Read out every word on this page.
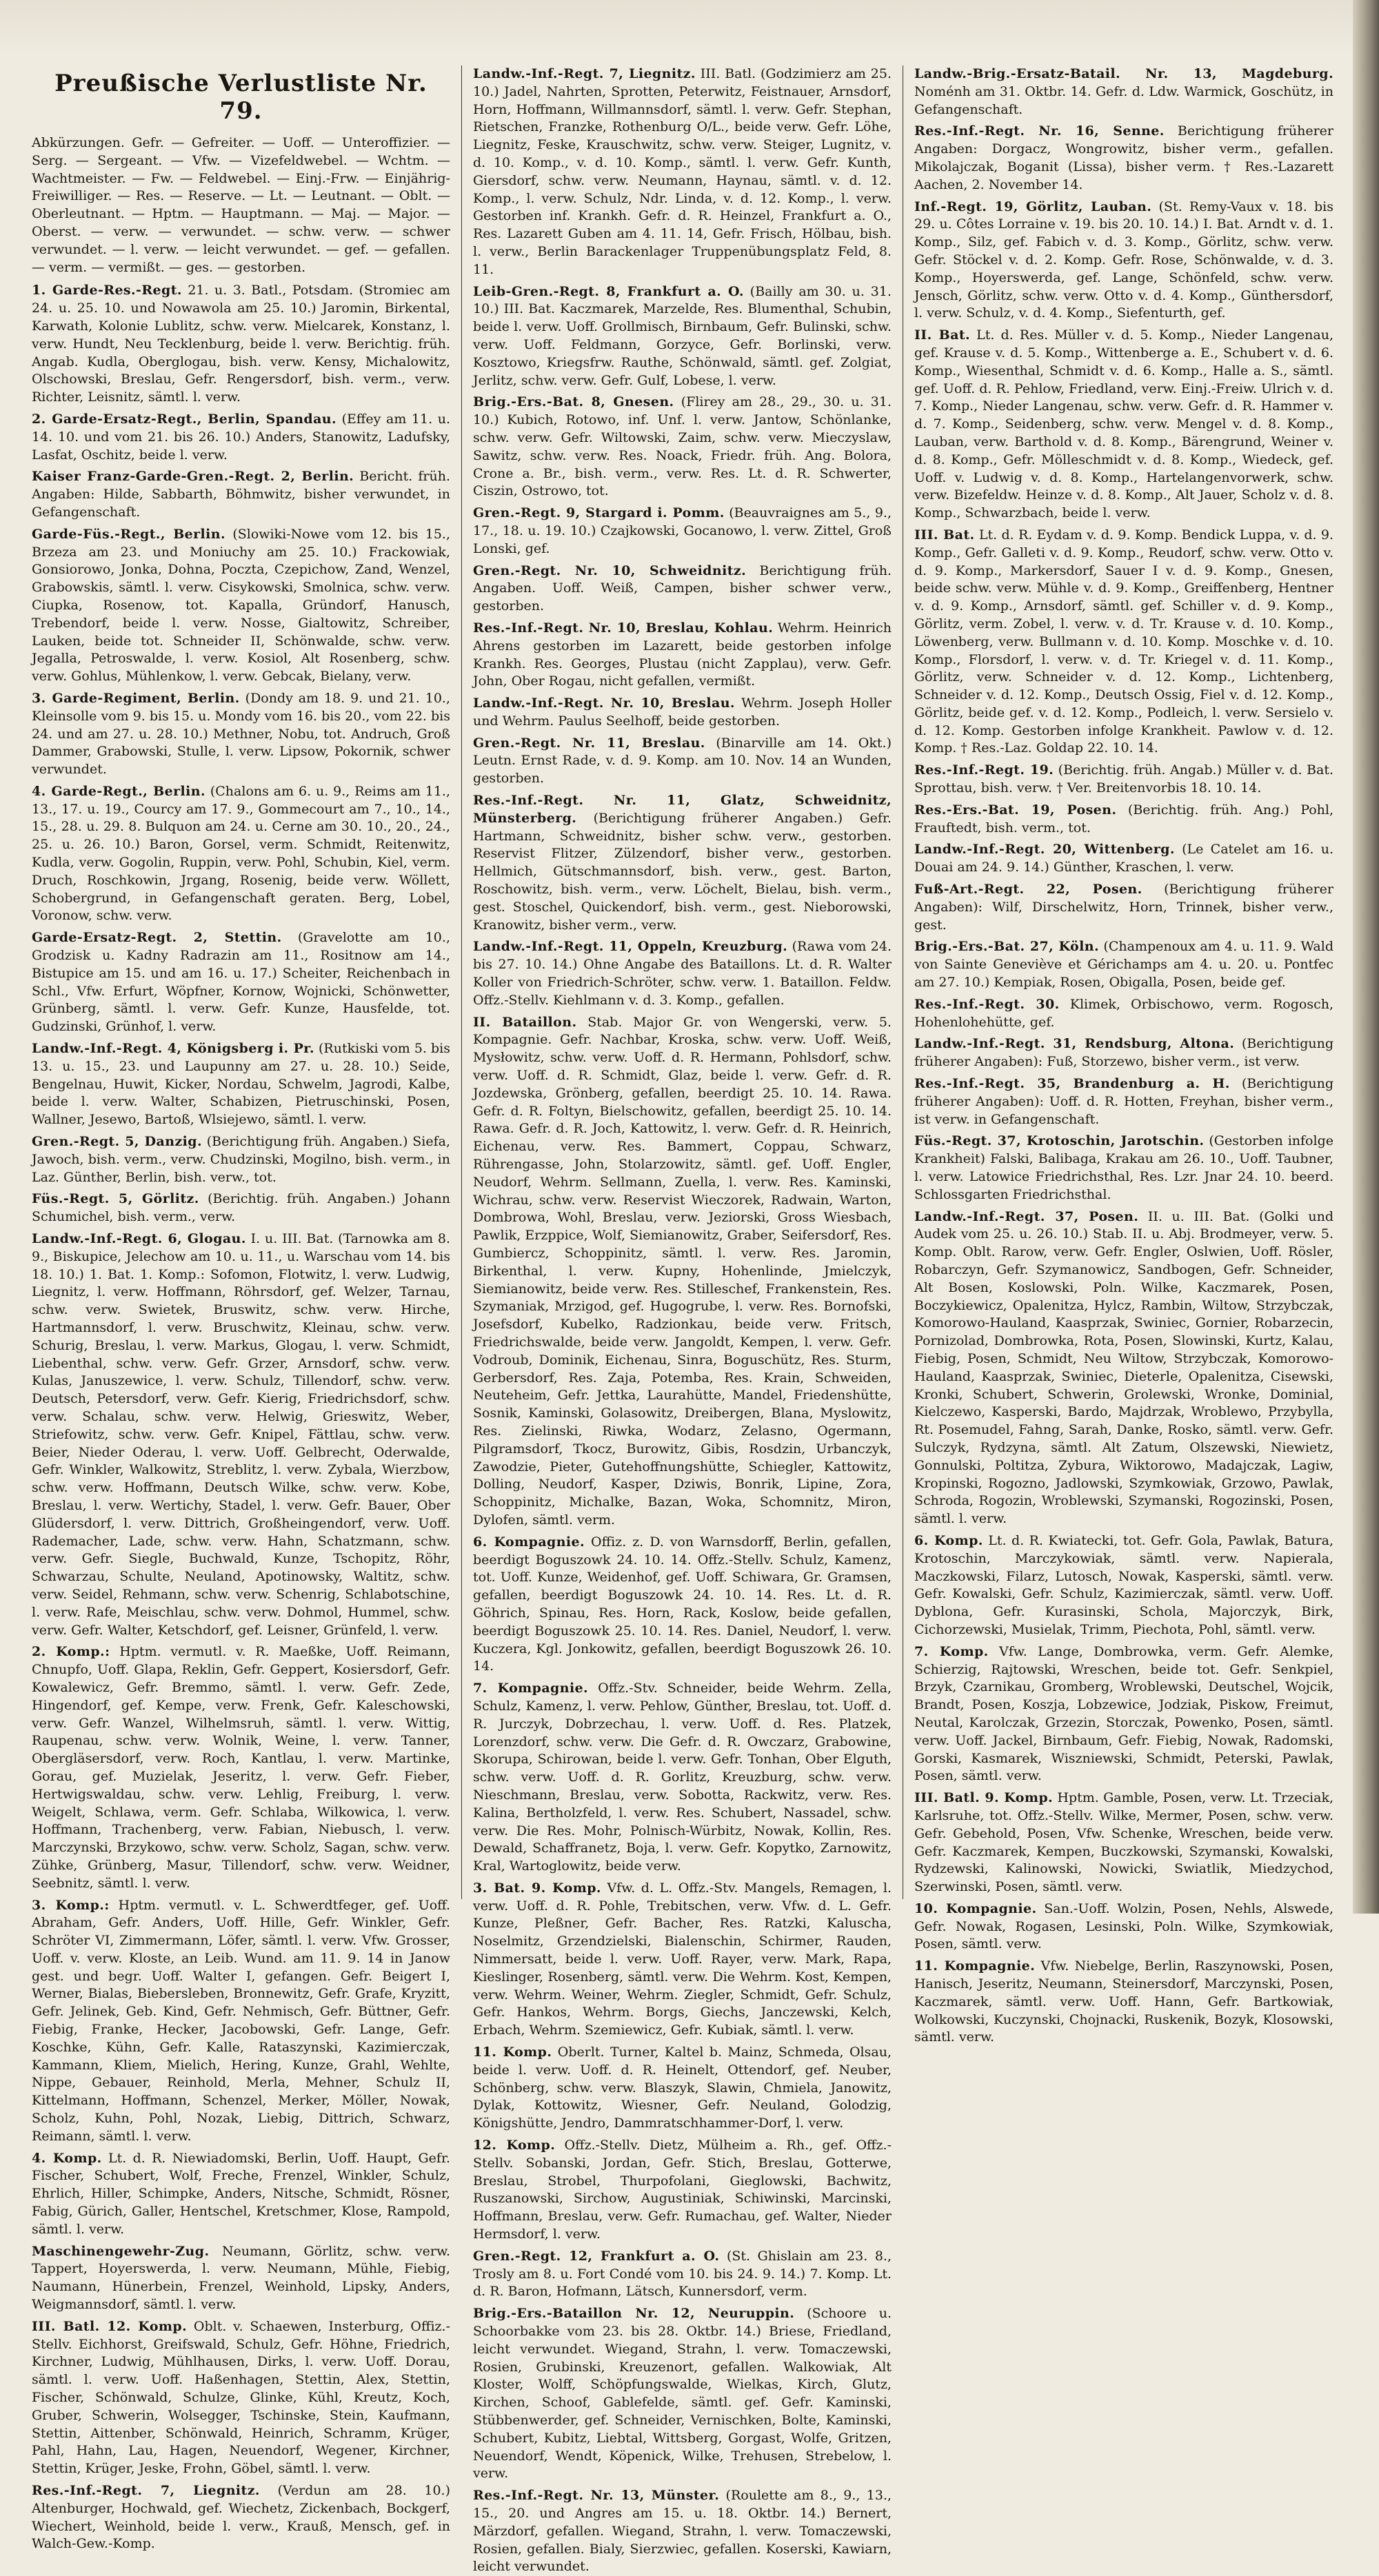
Preußische Verlustliste Nr. 79.
Abkürzungen. Gefr. — Gefreiter. — Uoff. — Unteroffizier. — Serg. — Sergeant. — Vfw. — Vizefeldwebel. — Wchtm. — Wachtmeister. — Fw. — Feldwebel. — Einj.-Frw. — Einjährig-Freiwilliger. — Res. — Reserve. — Lt. — Leutnant. — Oblt. — Oberleutnant. — Hptm. — Hauptmann. — Maj. — Major. — Oberst. — verw. — verwundet. — schw. verw. — schwer verwundet. — l. verw. — leicht verwundet. — gef. — gefallen. — verm. — vermißt. — ges. — gestorben.

1. Garde-Res.-Regt. 21. u. 3. Batl., Potsdam. (Stromiec am 24. u. 25. 10. und Nowawola am 25. 10.) Jaromin, Birkental, Karwath, Kolonie Lublitz, schw. verw. Mielcarek, Konstanz, l. verw. Hundt, Neu Tecklenburg, beide l. verw. Berichtig. früh. Angab. Kudla, Oberglogau, bish. verw. Kensy, Michalowitz, Olschowski, Breslau, Gefr. Rengersdorf, bish. verm., verw. Richter, Leisnitz, sämtl. l. verw.

2. Garde-Ersatz-Regt., Berlin, Spandau. (Effey am 11. u. 14. 10. und vom 21. bis 26. 10.) Anders, Stanowitz, Ladufsky, Lasfat, Oschitz, beide l. verw.

Kaiser Franz-Garde-Gren.-Regt. 2, Berlin. Bericht. früh. Angaben: Hilde, Sabbarth, Böhmwitz, bisher verwundet, in Gefangenschaft.

Garde-Füs.-Regt., Berlin. (Slowiki-Nowe vom 12. bis 15., Brzeza am 23. und Moniuchy am 25. 10.) Frackowiak, Gonsiorowo, Jonka, Dohna, Poczta, Czepichow, Zand, Wenzel, Grabowskis, sämtl. l. verw. Cisykowski, Smolnica, schw. verw. Ciupka, Rosenow, tot. Kapalla, Gründorf, Hanusch, Trebendorf, beide l. verw. Nosse, Gialtowitz, Schreiber, Lauken, beide tot. Schneider II, Schönwalde, schw. verw. Jegalla, Petroswalde, l. verw. Kosiol, Alt Rosenberg, schw. verw. Gohlus, Mühlenkow, l. verw. Gebcak, Bielany, verw.

3. Garde-Regiment, Berlin. (Dondy am 18. 9. und 21. 10., Kleinsolle vom 9. bis 15. u. Mondy vom 16. bis 20., vom 22. bis 24. und am 27. u. 28. 10.) Methner, Nobu, tot. Andruch, Groß Dammer, Grabowski, Stulle, l. verw. Lipsow, Pokornik, schwer verwundet.

4. Garde-Regt., Berlin. (Chalons am 6. u. 9., Reims am 11., 13., 17. u. 19., Courcy am 17. 9., Gommecourt am 7., 10., 14., 15., 28. u. 29. 8. Bulquon am 24. u. Cerne am 30. 10., 20., 24., 25. u. 26. 10.) Baron, Gorsel, verm. Schmidt, Reitenwitz, Kudla, verw. Gogolin, Ruppin, verw. Pohl, Schubin, Kiel, verm. Druch, Roschkowin, Jrgang, Rosenig, beide verw. Wöllett, Schobergrund, in Gefangenschaft geraten. Berg, Lobel, Voronow, schw. verw.

Garde-Ersatz-Regt. 2, Stettin. (Gravelotte am 10., Grodzisk u. Kadny Radrazin am 11., Rositnow am 14., Bistupice am 15. und am 16. u. 17.) Scheiter, Reichenbach in Schl., Vfw. Erfurt, Wöpfner, Kornow, Wojnicki, Schönwetter, Grünberg, sämtl. l. verw. Gefr. Kunze, Hausfelde, tot. Gudzinski, Grünhof, l. verw.

Landw.-Inf.-Regt. 4, Königsberg i. Pr. (Rutkiski vom 5. bis 13. u. 15., 23. und Laupunny am 27. u. 28. 10.) Seide, Bengelnau, Huwit, Kicker, Nordau, Schwelm, Jagrodi, Kalbe, beide l. verw. Walter, Schabizen, Pietruschinski, Posen, Wallner, Jesewo, Bartoß, Wlsiejewo, sämtl. l. verw.

Gren.-Regt. 5, Danzig. (Berichtigung früh. Angaben.) Siefa, Jawoch, bish. verm., verw. Chudzinski, Mogilno, bish. verm., in Laz. Günther, Berlin, bish. verw., tot.

Füs.-Regt. 5, Görlitz. (Berichtig. früh. Angaben.) Johann Schumichel, bish. verm., verw.

Landw.-Inf.-Regt. 6, Glogau. I. u. III. Bat. (Tarnowka am 8. 9., Biskupice, Jelechow am 10. u. 11., u. Warschau vom 14. bis 18. 10.) 1. Bat. 1. Komp.: Sofomon, Flotwitz, l. verw. Ludwig, Liegnitz, l. verw. Hoffmann, Röhrsdorf, gef. Welzer, Tarnau, schw. verw. Swietek, Bruswitz, schw. verw. Hirche, Hartmannsdorf, l. verw. Bruschwitz, Kleinau, schw. verw. Schurig, Breslau, l. verw. Markus, Glogau, l. verw. Schmidt, Liebenthal, schw. verw. Gefr. Grzer, Arnsdorf, schw. verw. Kulas, Januszewice, l. verw. Schulz, Tillendorf, schw. verw. Deutsch, Petersdorf, verw. Gefr. Kierig, Friedrichsdorf, schw. verw. Schalau, schw. verw. Helwig, Grieswitz, Weber, Striefowitz, schw. verw. Gefr. Knipel, Fättlau, schw. verw. Beier, Nieder Oderau, l. verw. Uoff. Gelbrecht, Oderwalde, Gefr. Winkler, Walkowitz, Streblitz, l. verw. Zybala, Wierzbow, schw. verw. Hoffmann, Deutsch Wilke, schw. verw. Kobe, Breslau, l. verw. Wertichy, Stadel, l. verw. Gefr. Bauer, Ober Glüdersdorf, l. verw. Dittrich, Großheingendorf, verw. Uoff. Rademacher, Lade, schw. verw. Hahn, Schatzmann, schw. verw. Gefr. Siegle, Buchwald, Kunze, Tschopitz, Röhr, Schwarzau, Schulte, Neuland, Apotinowsky, Waltitz, schw. verw. Seidel, Rehmann, schw. verw. Schenrig, Schlabotschine, l. verw. Rafe, Meischlau, schw. verw. Dohmol, Hummel, schw. verw. Gefr. Walter, Ketschdorf, gef. Leisner, Grünfeld, l. verw.

2. Komp.: Hptm. vermutl. v. R. Maeßke, Uoff. Reimann, Chnupfo, Uoff. Glapa, Reklin, Gefr. Geppert, Kosiersdorf, Gefr. Kowalewicz, Gefr. Bremmo, sämtl. l. verw. Gefr. Zede, Hingendorf, gef. Kempe, verw. Frenk, Gefr. Kaleschowski, verw. Gefr. Wanzel, Wilhelmsruh, sämtl. l. verw. Wittig, Raupenau, schw. verw. Wolnik, Weine, l. verw. Tanner, Obergläsersdorf, verw. Roch, Kantlau, l. verw. Martinke, Gorau, gef. Muzielak, Jeseritz, l. verw. Gefr. Fieber, Hertwigswaldau, schw. verw. Lehlig, Freiburg, l. verw. Weigelt, Schlawa, verm. Gefr. Schlaba, Wilkowica, l. verw. Hoffmann, Trachenberg, verw. Fabian, Niebusch, l. verw. Marczynski, Brzykowo, schw. verw. Scholz, Sagan, schw. verw. Zühke, Grünberg, Masur, Tillendorf, schw. verw. Weidner, Seebnitz, sämtl. l. verw.

3. Komp.: Hptm. vermutl. v. L. Schwerdtfeger, gef. Uoff. Abraham, Gefr. Anders, Uoff. Hille, Gefr. Winkler, Gefr. Schröter VI, Zimmermann, Löfer, sämtl. l. verw. Vfw. Grosser, Uoff. v. verw. Kloste, an Leib. Wund. am 11. 9. 14 in Janow gest. und begr. Uoff. Walter I, gefangen. Gefr. Beigert I, Werner, Bialas, Biebersleben, Bronnewitz, Gefr. Grafe, Kryzitt, Gefr. Jelinek, Geb. Kind, Gefr. Nehmisch, Gefr. Büttner, Gefr. Fiebig, Franke, Hecker, Jacobowski, Gefr. Lange, Gefr. Koschke, Kühn, Gefr. Kalle, Rataszynski, Kazimierczak, Kammann, Kliem, Mielich, Hering, Kunze, Grahl, Wehlte, Nippe, Gebauer, Reinhold, Merla, Mehner, Schulz II, Kittelmann, Hoffmann, Schenzel, Merker, Möller, Nowak, Scholz, Kuhn, Pohl, Nozak, Liebig, Dittrich, Schwarz, Reimann, sämtl. l. verw.

4. Komp. Lt. d. R. Niewiadomski, Berlin, Uoff. Haupt, Gefr. Fischer, Schubert, Wolf, Freche, Frenzel, Winkler, Schulz, Ehrlich, Hiller, Schimpke, Anders, Nitsche, Schmidt, Rösner, Fabig, Gürich, Galler, Hentschel, Kretschmer, Klose, Rampold, sämtl. l. verw.

Maschinengewehr-Zug. Neumann, Görlitz, schw. verw. Tappert, Hoyerswerda, l. verw. Neumann, Mühle, Fiebig, Naumann, Hünerbein, Frenzel, Weinhold, Lipsky, Anders, Weigmannsdorf, sämtl. l. verw.

III. Batl. 12. Komp. Oblt. v. Schaewen, Insterburg, Offiz.-Stellv. Eichhorst, Greifswald, Schulz, Gefr. Höhne, Friedrich, Kirchner, Ludwig, Mühlhausen, Dirks, l. verw. Uoff. Dorau, sämtl. l. verw. Uoff. Haßenhagen, Stettin, Alex, Stettin, Fischer, Schönwald, Schulze, Glinke, Kühl, Kreutz, Koch, Gruber, Schwerin, Wolsegger, Tschinske, Stein, Kaufmann, Stettin, Aittenber, Schönwald, Heinrich, Schramm, Krüger, Pahl, Hahn, Lau, Hagen, Neuendorf, Wegener, Kirchner, Stettin, Krüger, Jeske, Frohn, Göbel, sämtl. l. verw.

Res.-Inf.-Regt. 7, Liegnitz. (Verdun am 28. 10.) Altenburger, Hochwald, gef. Wiechetz, Zickenbach, Bockgerf, Wiechert, Weinhold, beide l. verw., Krauß, Mensch, gef. in Walch-Gew.-Komp.

Landw.-Inf.-Regt. 7, Liegnitz. III. Batl. (Godzimierz am 25. 10.) Jadel, Nahrten, Sprotten, Peterwitz, Feistnauer, Arnsdorf, Horn, Hoffmann, Willmannsdorf, sämtl. l. verw. Gefr. Stephan, Rietschen, Franzke, Rothenburg O/L., beide verw. Gefr. Löhe, Liegnitz, Feske, Krauschwitz, schw. verw. Steiger, Lugnitz, v. d. 10. Komp., v. d. 10. Komp., sämtl. l. verw. Gefr. Kunth, Giersdorf, schw. verw. Neumann, Haynau, sämtl. v. d. 12. Komp., l. verw. Schulz, Ndr. Linda, v. d. 12. Komp., l. verw. Gestorben inf. Krankh. Gefr. d. R. Heinzel, Frankfurt a. O., Res. Lazarett Guben am 4. 11. 14, Gefr. Frisch, Hölbau, bish. l. verw., Berlin Barackenlager Truppenübungsplatz Feld, 8. 11.

Leib-Gren.-Regt. 8, Frankfurt a. O. (Bailly am 30. u. 31. 10.) III. Bat. Kaczmarek, Marzelde, Res. Blumenthal, Schubin, beide l. verw. Uoff. Grollmisch, Birnbaum, Gefr. Bulinski, schw. verw. Uoff. Feldmann, Gorzyce, Gefr. Borlinski, verw. Kosztowo, Kriegsfrw. Rauthe, Schönwald, sämtl. gef. Zolgiat, Jerlitz, schw. verw. Gefr. Gulf, Lobese, l. verw.

Brig.-Ers.-Bat. 8, Gnesen. (Flirey am 28., 29., 30. u. 31. 10.) Kubich, Rotowo, inf. Unf. l. verw. Jantow, Schönlanke, schw. verw. Gefr. Wiltowski, Zaim, schw. verw. Mieczyslaw, Sawitz, schw. verw. Res. Noack, Friedr. früh. Ang. Bolora, Crone a. Br., bish. verm., verw. Res. Lt. d. R. Schwerter, Ciszin, Ostrowo, tot.

Gren.-Regt. 9, Stargard i. Pomm. (Beauvraignes am 5., 9., 17., 18. u. 19. 10.) Czajkowski, Gocanowo, l. verw. Zittel, Groß Lonski, gef.

Gren.-Regt. Nr. 10, Schweidnitz. Berichtigung früh. Angaben. Uoff. Weiß, Campen, bisher schwer verw., gestorben.

Res.-Inf.-Regt. Nr. 10, Breslau, Kohlau. Wehrm. Heinrich Ahrens gestorben im Lazarett, beide gestorben infolge Krankh. Res. Georges, Plustau (nicht Zapplau), verw. Gefr. John, Ober Rogau, nicht gefallen, vermißt.

Landw.-Inf.-Regt. Nr. 10, Breslau. Wehrm. Joseph Holler und Wehrm. Paulus Seelhoff, beide gestorben.

Gren.-Regt. Nr. 11, Breslau. (Binarville am 14. Okt.) Leutn. Ernst Rade, v. d. 9. Komp. am 10. Nov. 14 an Wunden, gestorben.

Res.-Inf.-Regt. Nr. 11, Glatz, Schweidnitz, Münsterberg. (Berichtigung früherer Angaben.) Gefr. Hartmann, Schweidnitz, bisher schw. verw., gestorben. Reservist Flitzer, Zülzendorf, bisher verw., gestorben. Hellmich, Gütschmannsdorf, bish. verw., gest. Barton, Roschowitz, bish. verm., verw. Löchelt, Bielau, bish. verm., gest. Stoschel, Quickendorf, bish. verm., gest. Nieborowski, Kranowitz, bisher verm., verw.

Landw.-Inf.-Regt. 11, Oppeln, Kreuzburg. (Rawa vom 24. bis 27. 10. 14.) Ohne Angabe des Bataillons. Lt. d. R. Walter Koller von Friedrich-Schröter, schw. verw. 1. Bataillon. Feldw. Offz.-Stellv. Kiehlmann v. d. 3. Komp., gefallen.

II. Bataillon. Stab. Major Gr. von Wengerski, verw. 5. Kompagnie. Gefr. Nachbar, Kroska, schw. verw. Uoff. Weiß, Mysłowitz, schw. verw. Uoff. d. R. Hermann, Pohlsdorf, schw. verw. Uoff. d. R. Schmidt, Glaz, beide l. verw. Gefr. d. R. Jozdewska, Grönberg, gefallen, beerdigt 25. 10. 14. Rawa. Gefr. d. R. Foltyn, Bielschowitz, gefallen, beerdigt 25. 10. 14. Rawa. Gefr. d. R. Joch, Kattowitz, l. verw. Gefr. d. R. Heinrich, Eichenau, verw. Res. Bammert, Coppau, Schwarz, Rührengasse, John, Stolarzowitz, sämtl. gef. Uoff. Engler, Neudorf, Wehrm. Sellmann, Zuella, l. verw. Res. Kaminski, Wichrau, schw. verw. Reservist Wieczorek, Radwain, Warton, Dombrowa, Wohl, Breslau, verw. Jeziorski, Gross Wiesbach, Pawlik, Erzppice, Wolf, Siemianowitz, Graber, Seifersdorf, Res. Gumbiercz, Schoppinitz, sämtl. l. verw. Res. Jaromin, Birkenthal, l. verw. Kupny, Hohenlinde, Jmielczyk, Siemianowitz, beide verw. Res. Stilleschef, Frankenstein, Res. Szymaniak, Mrzigod, gef. Hugogrube, l. verw. Res. Bornofski, Josefsdorf, Kubelko, Radzionkau, beide verw. Fritsch, Friedrichswalde, beide verw. Jangoldt, Kempen, l. verw. Gefr. Vodroub, Dominik, Eichenau, Sinra, Boguschütz, Res. Sturm, Gerbersdorf, Res. Zaja, Potemba, Res. Krain, Schweiden, Neuteheim, Gefr. Jettka, Laurahütte, Mandel, Friedenshütte, Sosnik, Kaminski, Golasowitz, Dreibergen, Blana, Myslowitz, Res. Zielinski, Riwka, Wodarz, Zelasno, Ogermann, Pilgramsdorf, Tkocz, Burowitz, Gibis, Rosdzin, Urbanczyk, Zawodzie, Pieter, Gutehoffnungshütte, Schiegler, Kattowitz, Dolling, Neudorf, Kasper, Dziwis, Bonrik, Lipine, Zora, Schoppinitz, Michalke, Bazan, Woka, Schomnitz, Miron, Dylofen, sämtl. verm.

6. Kompagnie. Offiz. z. D. von Warnsdorff, Berlin, gefallen, beerdigt Boguszowk 24. 10. 14. Offz.-Stellv. Schulz, Kamenz, tot. Uoff. Kunze, Weidenhof, gef. Uoff. Schiwara, Gr. Gramsen, gefallen, beerdigt Boguszowk 24. 10. 14. Res. Lt. d. R. Göhrich, Spinau, Res. Horn, Rack, Koslow, beide gefallen, beerdigt Boguszowk 25. 10. 14. Res. Daniel, Neudorf, l. verw. Kuczera, Kgl. Jonkowitz, gefallen, beerdigt Boguszowk 26. 10. 14.

7. Kompagnie. Offz.-Stv. Schneider, beide Wehrm. Zella, Schulz, Kamenz, l. verw. Pehlow, Günther, Breslau, tot. Uoff. d. R. Jurczyk, Dobrzechau, l. verw. Uoff. d. Res. Platzek, Lorenzdorf, schw. verw. Die Gefr. d. R. Owczarz, Grabowine, Skorupa, Schirowan, beide l. verw. Gefr. Tonhan, Ober Elguth, schw. verw. Uoff. d. R. Gorlitz, Kreuzburg, schw. verw. Nieschmann, Breslau, verw. Sobotta, Rackwitz, verw. Res. Kalina, Bertholzfeld, l. verw. Res. Schubert, Nassadel, schw. verw. Die Res. Mohr, Polnisch-Würbitz, Nowak, Kollin, Res. Dewald, Schaffranetz, Boja, l. verw. Gefr. Kopytko, Zarnowitz, Kral, Wartoglowitz, beide verw.

3. Bat. 9. Komp. Vfw. d. L. Offz.-Stv. Mangels, Remagen, l. verw. Uoff. d. R. Pohle, Trebitschen, verw. Vfw. d. L. Gefr. Kunze, Pleßner, Gefr. Bacher, Res. Ratzki, Kaluscha, Noselmitz, Grzendzielski, Bialenschin, Schirmer, Rauden, Nimmersatt, beide l. verw. Uoff. Rayer, verw. Mark, Rapa, Kieslinger, Rosenberg, sämtl. verw. Die Wehrm. Kost, Kempen, verw. Wehrm. Weiner, Wehrm. Ziegler, Schmidt, Gefr. Schulz, Gefr. Hankos, Wehrm. Borgs, Giechs, Janczewski, Kelch, Erbach, Wehrm. Szemiewicz, Gefr. Kubiak, sämtl. l. verw.

11. Komp. Oberlt. Turner, Kaltel b. Mainz, Schmeda, Olsau, beide l. verw. Uoff. d. R. Heinelt, Ottendorf, gef. Neuber, Schönberg, schw. verw. Blaszyk, Slawin, Chmiela, Janowitz, Dylak, Kottowitz, Wiesner, Gefr. Neuland, Golodzig, Königshütte, Jendro, Dammratschhammer-Dorf, l. verw.

12. Komp. Offz.-Stellv. Dietz, Mülheim a. Rh., gef. Offz.-Stellv. Sobanski, Jordan, Gefr. Stich, Breslau, Gotterwe, Breslau, Strobel, Thurpofolani, Gieglowski, Bachwitz, Ruszanowski, Sirchow, Augustiniak, Schiwinski, Marcinski, Hoffmann, Breslau, verw. Gefr. Rumachau, gef. Walter, Nieder Hermsdorf, l. verw.

Gren.-Regt. 12, Frankfurt a. O. (St. Ghislain am 23. 8., Trosly am 8. u. Fort Condé vom 10. bis 24. 9. 14.) 7. Komp. Lt. d. R. Baron, Hofmann, Lätsch, Kunnersdorf, verm.

Brig.-Ers.-Bataillon Nr. 12, Neuruppin. (Schoore u. Schoorbakke vom 23. bis 28. Oktbr. 14.) Briese, Friedland, leicht verwundet. Wiegand, Strahn, l. verw. Tomaczewski, Rosien, Grubinski, Kreuzenort, gefallen. Walkowiak, Alt Kloster, Wolff, Schöpfungswalde, Wielkas, Kirch, Glutz, Kirchen, Schoof, Gablefelde, sämtl. gef. Gefr. Kaminski, Stübbenwerder, gef. Schneider, Vernischken, Bolte, Kaminski, Schubert, Kubitz, Liebtal, Wittsberg, Gorgast, Wolfe, Gritzen, Neuendorf, Wendt, Köpenick, Wilke, Trehusen, Strebelow, l. verw.

Res.-Inf.-Regt. Nr. 13, Münster. (Roulette am 8., 9., 13., 15., 20. und Angres am 15. u. 18. Oktbr. 14.) Bernert, Märzdorf, gefallen. Wiegand, Strahn, l. verw. Tomaczewski, Rosien, gefallen. Bialy, Sierzwiec, gefallen. Koserski, Kawiarn, leicht verwundet.

Landw.-Brig.-Ersatz-Batail. Nr. 13, Magdeburg. Noménh am 31. Oktbr. 14. Gefr. d. Ldw. Warmick, Goschütz, in Gefangenschaft.

Res.-Inf.-Regt. Nr. 16, Senne. Berichtigung früherer Angaben: Dorgacz, Wongrowitz, bisher verm., gefallen. Mikolajczak, Boganit (Lissa), bisher verm. † Res.-Lazarett Aachen, 2. November 14.

Inf.-Regt. 19, Görlitz, Lauban. (St. Remy-Vaux v. 18. bis 29. u. Côtes Lorraine v. 19. bis 20. 10. 14.) I. Bat. Arndt v. d. 1. Komp., Silz, gef. Fabich v. d. 3. Komp., Görlitz, schw. verw. Gefr. Stöckel v. d. 2. Komp. Gefr. Rose, Schönwalde, v. d. 3. Komp., Hoyerswerda, gef. Lange, Schönfeld, schw. verw. Jensch, Görlitz, schw. verw. Otto v. d. 4. Komp., Günthersdorf, l. verw. Schulz, v. d. 4. Komp., Siefenturth, gef.

II. Bat. Lt. d. Res. Müller v. d. 5. Komp., Nieder Langenau, gef. Krause v. d. 5. Komp., Wittenberge a. E., Schubert v. d. 6. Komp., Wiesenthal, Schmidt v. d. 6. Komp., Halle a. S., sämtl. gef. Uoff. d. R. Pehlow, Friedland, verw. Einj.-Freiw. Ulrich v. d. 7. Komp., Nieder Langenau, schw. verw. Gefr. d. R. Hammer v. d. 7. Komp., Seidenberg, schw. verw. Mengel v. d. 8. Komp., Lauban, verw. Barthold v. d. 8. Komp., Bärengrund, Weiner v. d. 8. Komp., Gefr. Mölleschmidt v. d. 8. Komp., Wiedeck, gef. Uoff. v. Ludwig v. d. 8. Komp., Hartelangenvorwerk, schw. verw. Bizefeldw. Heinze v. d. 8. Komp., Alt Jauer, Scholz v. d. 8. Komp., Schwarzbach, beide l. verw.

III. Bat. Lt. d. R. Eydam v. d. 9. Komp. Bendick Luppa, v. d. 9. Komp., Gefr. Galleti v. d. 9. Komp., Reudorf, schw. verw. Otto v. d. 9. Komp., Markersdorf, Sauer I v. d. 9. Komp., Gnesen, beide schw. verw. Mühle v. d. 9. Komp., Greiffenberg, Hentner v. d. 9. Komp., Arnsdorf, sämtl. gef. Schiller v. d. 9. Komp., Görlitz, verm. Zobel, l. verw. v. d. Tr. Krause v. d. 10. Komp., Löwenberg, verw. Bullmann v. d. 10. Komp. Moschke v. d. 10. Komp., Florsdorf, l. verw. v. d. Tr. Kriegel v. d. 11. Komp., Görlitz, verw. Schneider v. d. 12. Komp., Lichtenberg, Schneider v. d. 12. Komp., Deutsch Ossig, Fiel v. d. 12. Komp., Görlitz, beide gef. v. d. 12. Komp., Podleich, l. verw. Sersielo v. d. 12. Komp. Gestorben infolge Krankheit. Pawlow v. d. 12. Komp. † Res.-Laz. Goldap 22. 10. 14.

Res.-Inf.-Regt. 19. (Berichtig. früh. Angab.) Müller v. d. Bat. Sprottau, bish. verw. † Ver. Breitenvorbis 18. 10. 14.

Res.-Ers.-Bat. 19, Posen. (Berichtig. früh. Ang.) Pohl, Frauftedt, bish. verm., tot.

Landw.-Inf.-Regt. 20, Wittenberg. (Le Catelet am 16. u. Douai am 24. 9. 14.) Günther, Kraschen, l. verw.

Fuß-Art.-Regt. 22, Posen. (Berichtigung früherer Angaben): Wilf, Dirschelwitz, Horn, Trinnek, bisher verw., gest.

Brig.-Ers.-Bat. 27, Köln. (Champenoux am 4. u. 11. 9. Wald von Sainte Geneviève et Gérichamps am 4. u. 20. u. Pontfec am 27. 10.) Kempiak, Rosen, Obigalla, Posen, beide gef.

Res.-Inf.-Regt. 30. Klimek, Orbischowo, verm. Rogosch, Hohenlohehütte, gef.

Landw.-Inf.-Regt. 31, Rendsburg, Altona. (Berichtigung früherer Angaben): Fuß, Storzewo, bisher verm., ist verw.

Res.-Inf.-Regt. 35, Brandenburg a. H. (Berichtigung früherer Angaben): Uoff. d. R. Hotten, Freyhan, bisher verm., ist verw. in Gefangenschaft.

Füs.-Regt. 37, Krotoschin, Jarotschin. (Gestorben infolge Krankheit) Falski, Balibaga, Krakau am 26. 10., Uoff. Taubner, l. verw. Latowice Friedrichsthal, Res. Lzr. Jnar 24. 10. beerd. Schlossgarten Friedrichsthal.

Landw.-Inf.-Regt. 37, Posen. II. u. III. Bat. (Golki und Audek vom 25. u. 26. 10.) Stab. II. u. Abj. Brodmeyer, verw. 5. Komp. Oblt. Rarow, verw. Gefr. Engler, Oslwien, Uoff. Rösler, Robarczyn, Gefr. Szymanowicz, Sandbogen, Gefr. Schneider, Alt Bosen, Koslowski, Poln. Wilke, Kaczmarek, Posen, Boczykiewicz, Opalenitza, Hylcz, Rambin, Wiltow, Strzybczak, Komorowo-Hauland, Kaasprzak, Swiniec, Gornier, Robarzecin, Pornizolad, Dombrowka, Rota, Posen, Slowinski, Kurtz, Kalau, Fiebig, Posen, Schmidt, Neu Wiltow, Strzybczak, Komorowo-Hauland, Kaasprzak, Swiniec, Dieterle, Opalenitza, Cisewski, Kronki, Schubert, Schwerin, Grolewski, Wronke, Dominial, Kielczewo, Kasperski, Bardo, Majdrzak, Wroblewo, Przybylla, Rt. Posemudel, Fahng, Sarah, Danke, Rosko, sämtl. verw. Gefr. Sulczyk, Rydzyna, sämtl. Alt Zatum, Olszewski, Niewietz, Gonnulski, Poltitza, Zybura, Wiktorowo, Madajczak, Lagiw, Kropinski, Rogozno, Jadlowski, Szymkowiak, Grzowo, Pawlak, Schroda, Rogozin, Wroblewski, Szymanski, Rogozinski, Posen, sämtl. l. verw.

6. Komp. Lt. d. R. Kwiatecki, tot. Gefr. Gola, Pawlak, Batura, Krotoschin, Marczykowiak, sämtl. verw. Napierala, Maczkowski, Filarz, Lutosch, Nowak, Kasperski, sämtl. verw. Gefr. Kowalski, Gefr. Schulz, Kazimierczak, sämtl. verw. Uoff. Dyblona, Gefr. Kurasinski, Schola, Majorczyk, Birk, Cichorzewski, Musielak, Trimm, Piechota, Pohl, sämtl. verw.

7. Komp. Vfw. Lange, Dombrowka, verm. Gefr. Alemke, Schierzig, Rajtowski, Wreschen, beide tot. Gefr. Senkpiel, Brzyk, Czarnikau, Gromberg, Wroblewski, Deutschel, Wojcik, Brandt, Posen, Koszja, Lobzewice, Jodziak, Piskow, Freimut, Neutal, Karolczak, Grzezin, Storczak, Powenko, Posen, sämtl. verw. Uoff. Jackel, Birnbaum, Gefr. Fiebig, Nowak, Radomski, Gorski, Kasmarek, Wiszniewski, Schmidt, Peterski, Pawlak, Posen, sämtl. verw.

III. Batl. 9. Komp. Hptm. Gamble, Posen, verw. Lt. Trzeciak, Karlsruhe, tot. Offz.-Stellv. Wilke, Mermer, Posen, schw. verw. Gefr. Gebehold, Posen, Vfw. Schenke, Wreschen, beide verw. Gefr. Kaczmarek, Kempen, Buczkowski, Szymanski, Kowalski, Rydzewski, Kalinowski, Nowicki, Swiatlik, Miedzychod, Szerwinski, Posen, sämtl. verw.

10. Kompagnie. San.-Uoff. Wolzin, Posen, Nehls, Alswede, Gefr. Nowak, Rogasen, Lesinski, Poln. Wilke, Szymkowiak, Posen, sämtl. verw.

11. Kompagnie. Vfw. Niebelge, Berlin, Raszynowski, Posen, Hanisch, Jeseritz, Neumann, Steinersdorf, Marczynski, Posen, Kaczmarek, sämtl. verw. Uoff. Hann, Gefr. Bartkowiak, Wolkowski, Kuczynski, Chojnacki, Ruskenik, Bozyk, Klosowski, sämtl. verw.
